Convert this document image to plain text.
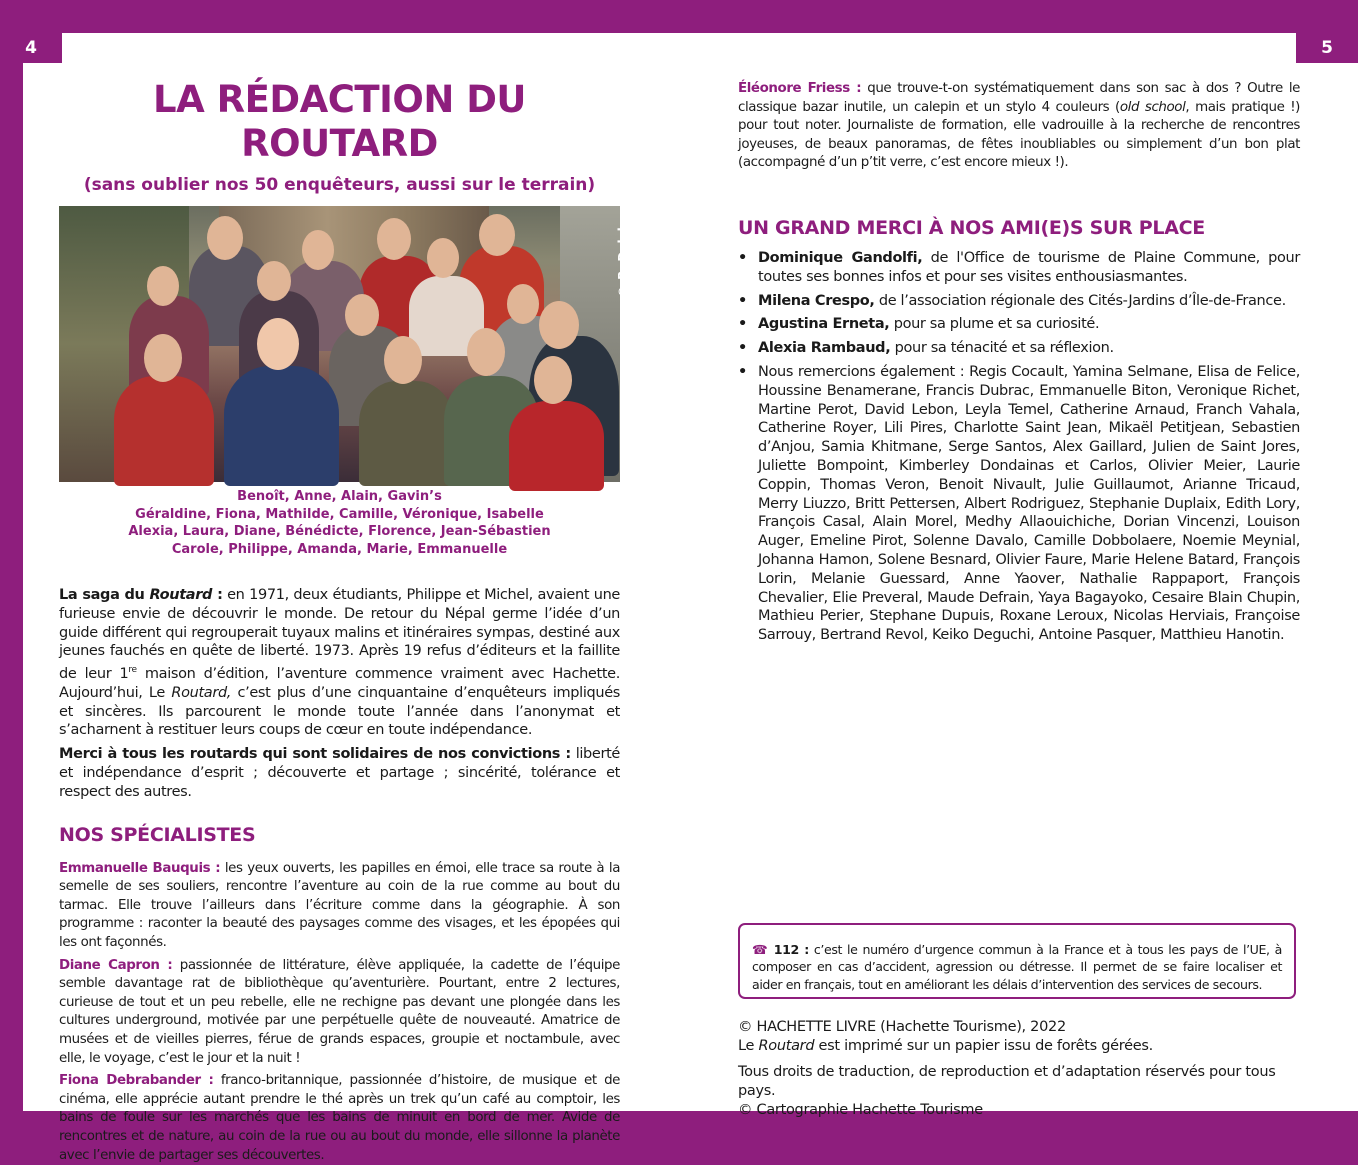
4	5
LA RÉDACTION DU ROUTARD
(sans oublier nos 50 enquêteurs, aussi sur le terrain)	© R. Delalande et E. Dessons
Benoît, Anne, Alain, Gavin’s
Géraldine, Fiona, Mathilde, Camille, Véronique, Isabelle
Alexia, Laura, Diane, Bénédicte, Florence, Jean-Sébastien
Carole, Philippe, Amanda, Marie, Emmanuelle

La saga du Routard : en 1971, deux étudiants, Philippe et Michel, avaient une furieuse envie de découvrir le monde. De retour du Népal germe l’idée d’un guide différent qui regrouperait tuyaux malins et itinéraires sympas, destiné aux jeunes fauchés en quête de liberté. 1973. Après 19 refus d’éditeurs et la faillite de leur 1re maison d’édition, l’aventure commence vraiment avec Hachette. Aujourd’hui, Le Routard, c’est plus d’une cinquantaine d’enquêteurs impliqués et sincères. Ils parcourent le monde toute l’année dans l’anonymat et s’acharnent à restituer leurs coups de cœur en toute indépendance.

Merci à tous les routards qui sont solidaires de nos convictions : liberté et indépendance d’esprit ; découverte et partage ; sincérité, tolérance et respect des autres.

NOS SPÉCIALISTES

Emmanuelle Bauquis : les yeux ouverts, les papilles en émoi, elle trace sa route à la semelle de ses souliers, rencontre l’aventure au coin de la rue comme au bout du tarmac. Elle trouve l’ailleurs dans l’écriture comme dans la géographie. À son programme : raconter la beauté des paysages comme des visages, et les épopées qui les ont façonnés.

Diane Capron : passionnée de littérature, élève appliquée, la cadette de l’équipe semble davantage rat de bibliothèque qu’aventurière. Pourtant, entre 2 lectures, curieuse de tout et un peu rebelle, elle ne rechigne pas devant une plongée dans les cultures underground, motivée par une perpétuelle quête de nouveauté. Amatrice de musées et de vieilles pierres, férue de grands espaces, groupie et noctambule, avec elle, le voyage, c’est le jour et la nuit !

Fiona Debrabander : franco-britannique, passionnée d’histoire, de musique et de cinéma, elle apprécie autant prendre le thé après un trek qu’un café au comptoir, les bains de foule sur les marchés que les bains de minuit en bord de mer. Avide de rencontres et de nature, au coin de la rue ou au bout du monde, elle sillonne la planète avec l’envie de partager ses découvertes.

Éléonore Friess : que trouve-t-on systématiquement dans son sac à dos ? Outre le classique bazar inutile, un calepin et un stylo 4 couleurs (old school, mais pratique !) pour tout noter. Journaliste de formation, elle vadrouille à la recherche de rencontres joyeuses, de beaux panoramas, de fêtes inoubliables ou simplement d’un bon plat (accompagné d’un p’tit verre, c’est encore mieux !).

UN GRAND MERCI À NOS AMI(E)S SUR PLACE
• Dominique Gandolfi, de l'Office de tourisme de Plaine Commune, pour toutes ses bonnes infos et pour ses visites enthousiasmantes.
• Milena Crespo, de l’association régionale des Cités-Jardins d’Île-de-France.
• Agustina Erneta, pour sa plume et sa curiosité.
• Alexia Rambaud, pour sa ténacité et sa réflexion.
• Nous remercions également : Regis Cocault, Yamina Selmane, Elisa de Felice, Houssine Benamerane, Francis Dubrac, Emmanuelle Biton, Veronique Richet, Martine Perot, David Lebon, Leyla Temel, Catherine Arnaud, Franch Vahala, Catherine Royer, Lili Pires, Charlotte Saint Jean, Mikaël Petitjean, Sebastien d’Anjou, Samia Khitmane, Serge Santos, Alex Gaillard, Julien de Saint Jores, Juliette Bompoint, Kimberley Dondainas et Carlos, Olivier Meier, Laurie Coppin, Thomas Veron, Benoit Nivault, Julie Guillaumot, Arianne Tricaud, Merry Liuzzo, Britt Pettersen, Albert Rodriguez, Stephanie Duplaix, Edith Lory, François Casal, Alain Morel, Medhy Allaouichiche, Dorian Vincenzi, Louison Auger, Emeline Pirot, Solenne Davalo, Camille Dobbolaere, Noemie Meynial, Johanna Hamon, Solene Besnard, Olivier Faure, Marie Helene Batard, François Lorin, Melanie Guessard, Anne Yaover, Nathalie Rappaport, François Chevalier, Elie Preveral, Maude Defrain, Yaya Bagayoko, Cesaire Blain Chupin, Mathieu Perier, Stephane Dupuis, Roxane Leroux, Nicolas Herviais, Françoise Sarrouy, Bertrand Revol, Keiko Deguchi, Antoine Pasquer, Matthieu Hanotin.

☎ 112 : c’est le numéro d’urgence commun à la France et à tous les pays de l’UE, à composer en cas d’accident, agression ou détresse. Il permet de se faire localiser et aider en français, tout en améliorant les délais d’intervention des services de secours.

© HACHETTE LIVRE (Hachette Tourisme), 2022

Le Routard est imprimé sur un papier issu de forêts gérées.

Tous droits de traduction, de reproduction et d’adaptation réservés pour tous pays.

© Cartographie Hachette Tourisme
